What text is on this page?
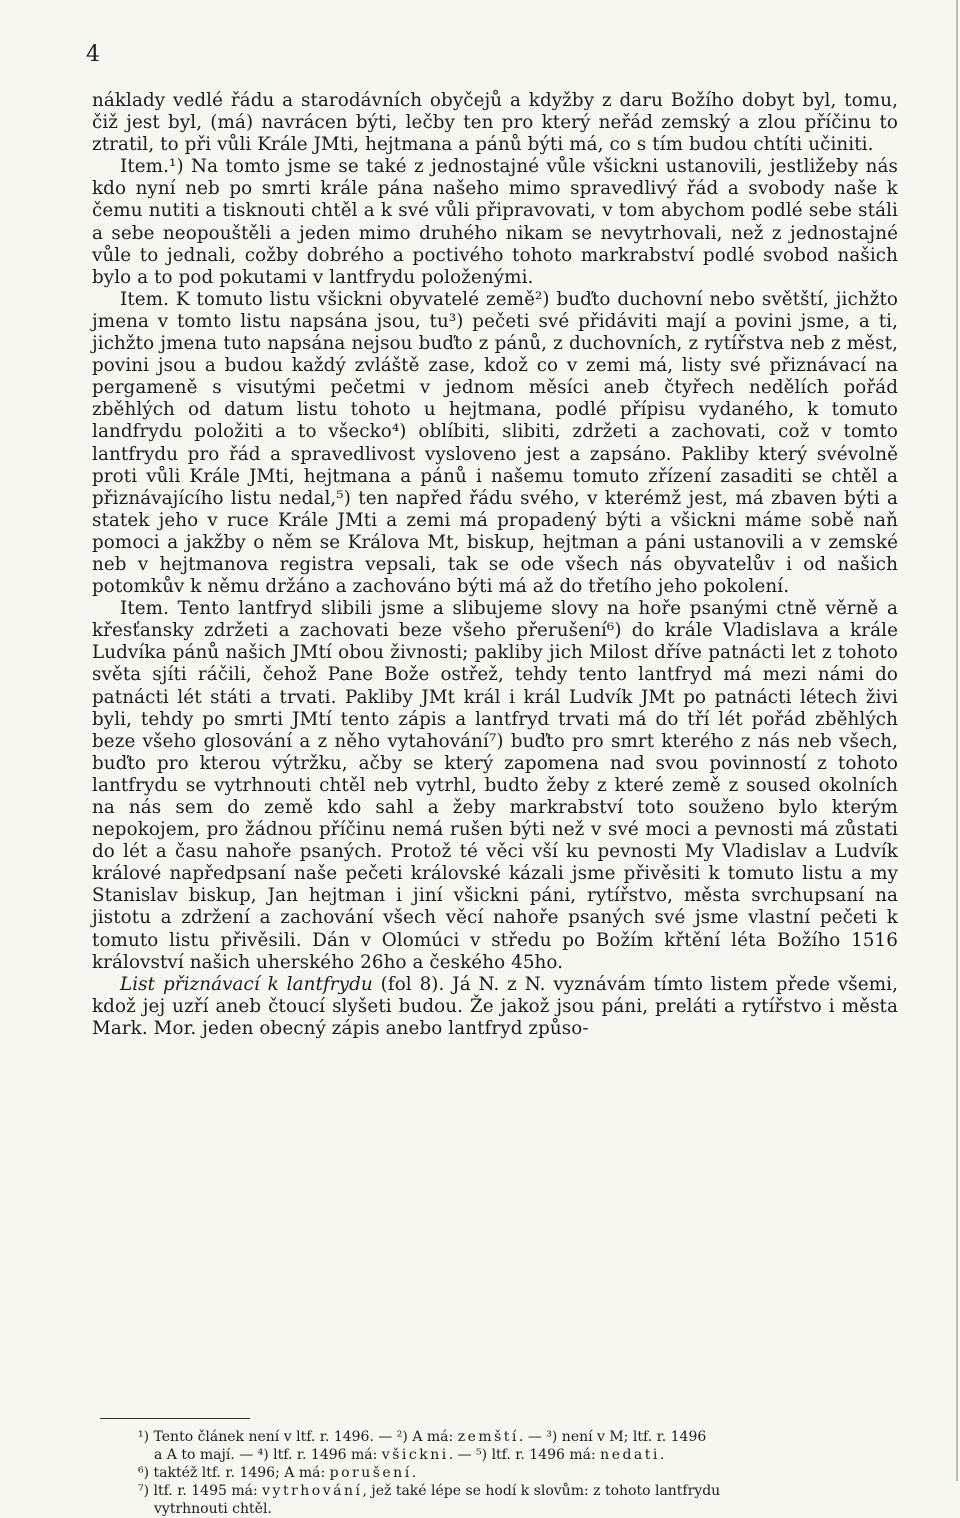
4

náklady vedlé řádu a starodávních obyčejů a kdyžby z daru Božího dobyt byl, tomu, čiž jest byl, (má) navrácen býti, lečby ten pro který neřád zemský a zlou příčinu to ztratil, to při vůli Krále JMti, hejtmana a pánů býti má, co s tím budou chtíti učiniti.

Item.¹) Na tomto jsme se také z jednostajné vůle všickni ustanovili, jestližeby nás kdo nyní neb po smrti krále pána našeho mimo spravedlivý řád a svobody naše k čemu nutiti a tisknouti chtěl a k své vůli připravovati, v tom abychom podlé sebe stáli a sebe neopouštěli a jeden mimo druhého nikam se nevytrhovali, než z jednostajné vůle to jednali, cožby dobrého a poctivého tohoto markrabství podlé svobod našich bylo a to pod pokutami v lantfrydu položenými.

Item. K tomuto listu všickni obyvatelé země²) buďto duchovní nebo světští, jichžto jmena v tomto listu napsána jsou, tu³) pečeti své přidáviti mají a povini jsme, a ti, jichžto jmena tuto napsána nejsou buďto z pánů, z duchovních, z rytířstva neb z měst, povini jsou a budou každý zvláště zase, kdož co v zemi má, listy své přiznávací na pergameně s visutými pečetmi v jednom měsíci aneb čtyřech nedělích pořád zběhlých od datum listu tohoto u hejtmana, podlé přípisu vydaného, k tomuto landfrydu položiti a to všecko⁴) oblíbiti, slibiti, zdržeti a zachovati, což v tomto lantfrydu pro řád a spravedlivost vysloveno jest a zapsáno. Pakliby který svévolně proti vůli Krále JMti, hejtmana a pánů i našemu tomuto zřízení zasaditi se chtěl a přiznávajícího listu nedal,⁵) ten napřed řádu svého, v kterémž jest, má zbaven býti a statek jeho v ruce Krále JMti a zemi má propadený býti a všickni máme sobě naň pomoci a jakžby o něm se Králova Mt, biskup, hejtman a páni ustanovili a v zemské neb v hejtmanova registra vepsali, tak se ode všech nás obyvatelův i od našich potomkův k němu držáno a zachováno býti má až do třetího jeho pokolení.

Item. Tento lantfryd slibili jsme a slibujeme slovy na hoře psanými ctně věrně a křesťansky zdržeti a zachovati beze všeho přerušení⁶) do krále Vladislava a krále Ludvíka pánů našich JMtí obou živnosti; pakliby jich Milost dříve patnácti let z tohoto světa sjíti ráčili, čehož Pane Bože ostřež, tehdy tento lantfryd má mezi námi do patnácti lét státi a trvati. Pakliby JMt král i král Ludvík JMt po patnácti létech živi byli, tehdy po smrti JMtí tento zápis a lantfryd trvati má do tří lét pořád zběhlých beze všeho glosování a z něho vytahování⁷) buďto pro smrt kterého z nás neb všech, buďto pro kterou výtržku, ačby se který zapomena nad svou povinností z tohoto lantfrydu se vytrhnouti chtěl neb vytrhl, budto žeby z které země z soused okolních na nás sem do země kdo sahl a žeby markrabství toto souženo bylo kterým nepokojem, pro žádnou příčinu nemá rušen býti než v své moci a pevnosti má zůstati do lét a času nahoře psaných. Protož té věci vší ku pevnosti My Vladislav a Ludvík králové napředpsaní naše pečeti královské kázali jsme přivěsiti k tomuto listu a my Stanislav biskup, Jan hejtman i jiní všickni páni, rytířstvo, města svrchupsaní na jistotu a zdržení a zachování všech věcí nahoře psaných své jsme vlastní pečeti k tomuto listu přivěsili. Dán v Olomúci v středu po Božím křtění léta Božího 1516 království našich uherského 26ho a českého 45ho.

List přiznávací k lantfrydu (fol 8). Já N. z N. vyznávám tímto listem přede všemi, kdož jej uzří aneb čtoucí slyšeti budou. Že jakož jsou páni, preláti a rytířstvo i města Mark. Mor. jeden obecný zápis anebo lantfryd způso-

¹) Tento článek není v ltf. r. 1496. — ²) A má: zemští. — ³) není v M; ltf. r. 1496
a A to mají. — ⁴) ltf. r. 1496 má: všickni. — ⁵) ltf. r. 1496 má: nedati.
⁶) taktéž ltf. r. 1496; A má: porušení.
⁷) ltf. r. 1495 má: vytrhování, jež také lépe se hodí k slovům: z tohoto lantfrydu
vytrhnouti chtěl.
